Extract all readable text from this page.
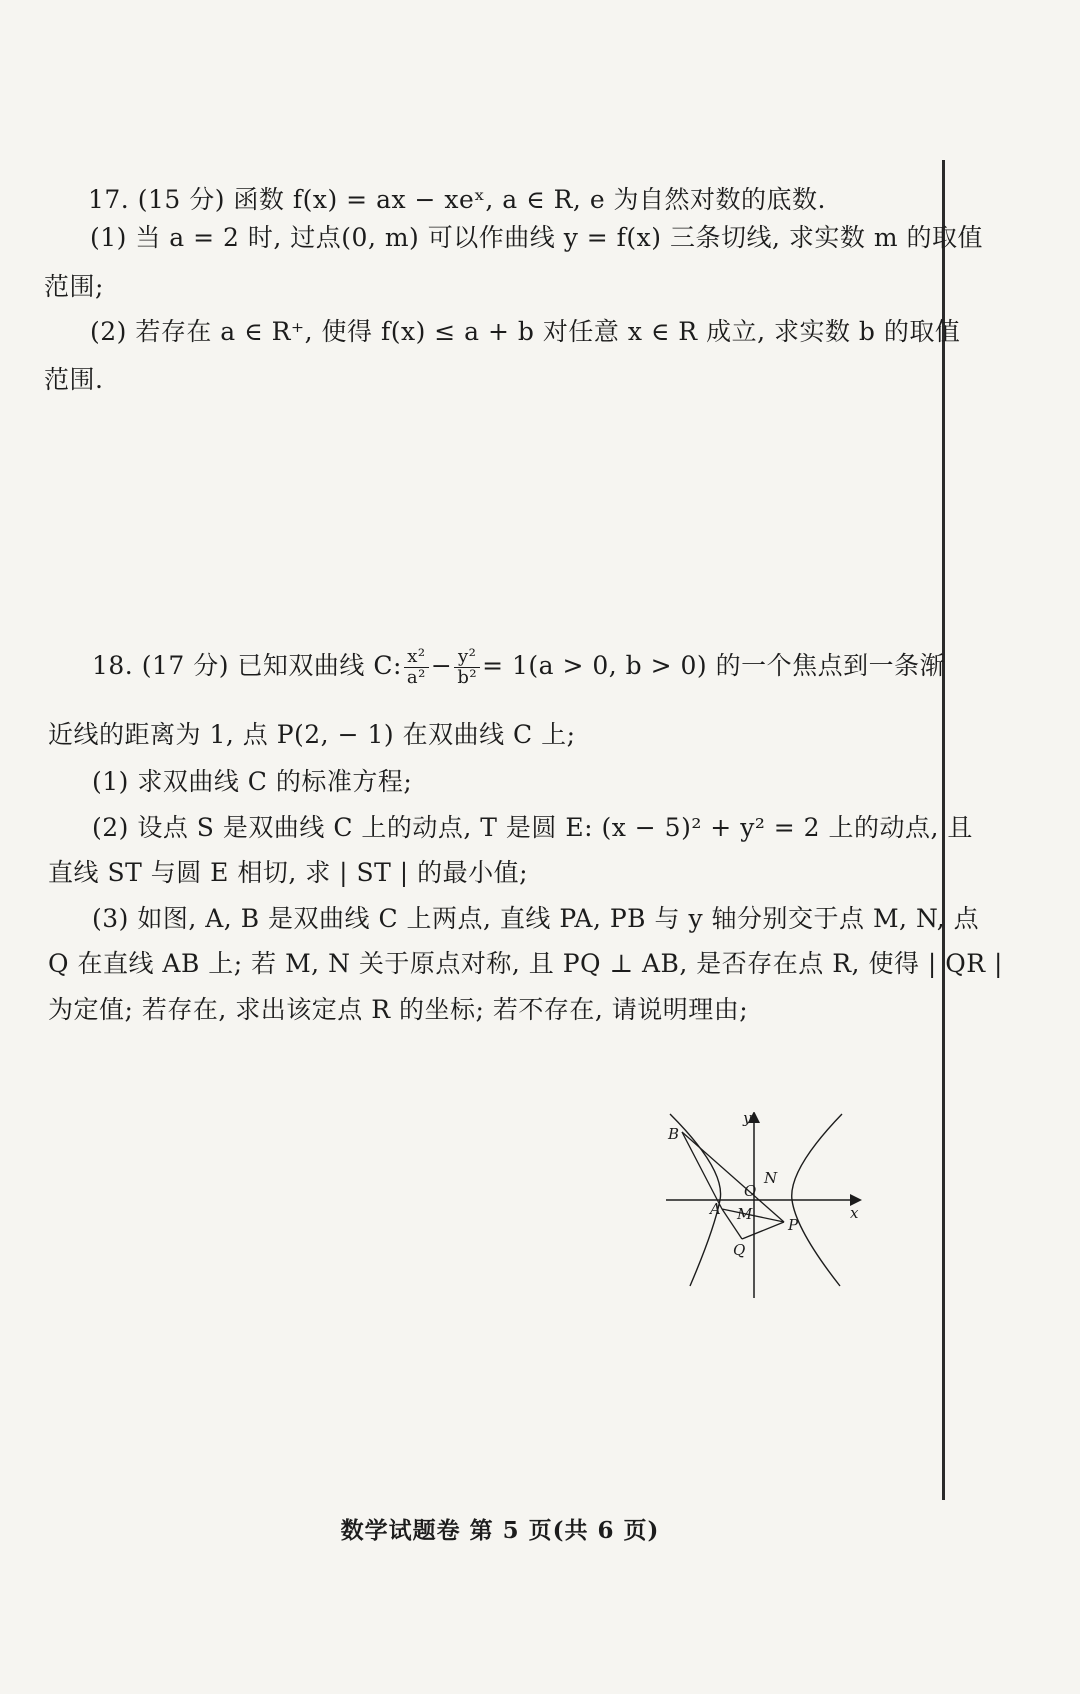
17. (15 分) 函数 f(x) = ax − xeˣ, a ∈ R, e 为自然对数的底数.
(1) 当 a = 2 时, 过点(0, m) 可以作曲线 y = f(x) 三条切线, 求实数 m 的取值
范围;
(2) 若存在 a ∈ R⁺, 使得 f(x) ≤ a + b 对任意 x ∈ R 成立, 求实数 b 的取值
范围.
18. (17 分) 已知双曲线 C: $\frac{\text{x²}}{\text{a²}} - \frac{\text{y²}}{\text{b²}} = 1(a > 0$, b > 0) 的一个焦点到一条渐
近线的距离为 1, 点 P(2, − 1) 在双曲线 C 上;
(1) 求双曲线 C 的标准方程;
(2) 设点 S 是双曲线 C 上的动点, T 是圆 E: (x − 5)² + y² = 2 上的动点, 且
直线 ST 与圆 E 相切, 求 | ST | 的最小值;
(3) 如图, A, B 是双曲线 C 上两点, 直线 PA, PB 与 y 轴分别交于点 M, N, 点
Q 在直线 AB 上; 若 M, N 关于原点对称, 且 PQ ⊥ AB, 是否存在点 R, 使得 | QR |
为定值; 若存在, 求出该定点 R 的坐标; 若不存在, 请说明理由;
B
y
x
N
O
A M
P
Q
数学试题卷 第 5 页(共 6 页)
